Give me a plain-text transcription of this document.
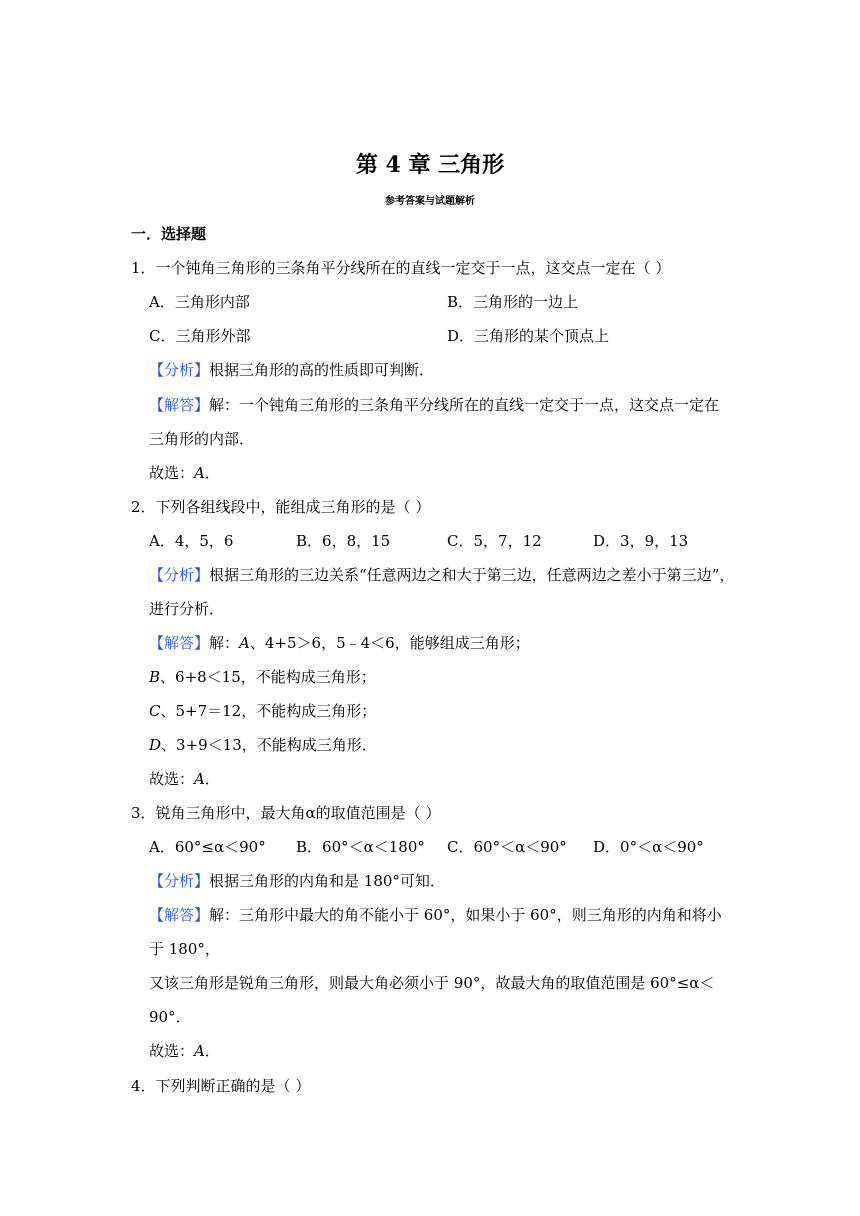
第 4 章 三角形
参考答案与试题解析
一．选择题
1．一个钝角三角形的三条角平分线所在的直线一定交于一点，这交点一定在（ ）
A．三角形内部	B．三角形的一边上
C．三角形外部	D．三角形的某个顶点上
【分析】根据三角形的高的性质即可判断．
【解答】解：一个钝角三角形的三条角平分线所在的直线一定交于一点，这交点一定在
三角形的内部．
故选：A．
2．下列各组线段中，能组成三角形的是（ ）
A．4，5，6	B．6，8，15	C．5，7，12	D．3，9，13
【分析】根据三角形的三边关系“任意两边之和大于第三边，任意两边之差小于第三边”，
进行分析．
【解答】解：A、4+5＞6，5﹣4＜6，能够组成三角形；
B、6+8＜15，不能构成三角形；
C、5+7＝12，不能构成三角形；
D、3+9＜13，不能构成三角形．
故选：A．
3．锐角三角形中，最大角α的取值范围是（ ）
A．60°≤α＜90° B．60°＜α＜180° C．60°＜α＜90° D．0°＜α＜90°
【分析】根据三角形的内角和是 180°可知．
【解答】解：三角形中最大的角不能小于 60°，如果小于 60°，则三角形的内角和将小
于 180°，
又该三角形是锐角三角形，则最大角必须小于 90°，故最大角的取值范围是 60°≤α＜
90°．
故选：A．
4．下列判断正确的是（ ）
